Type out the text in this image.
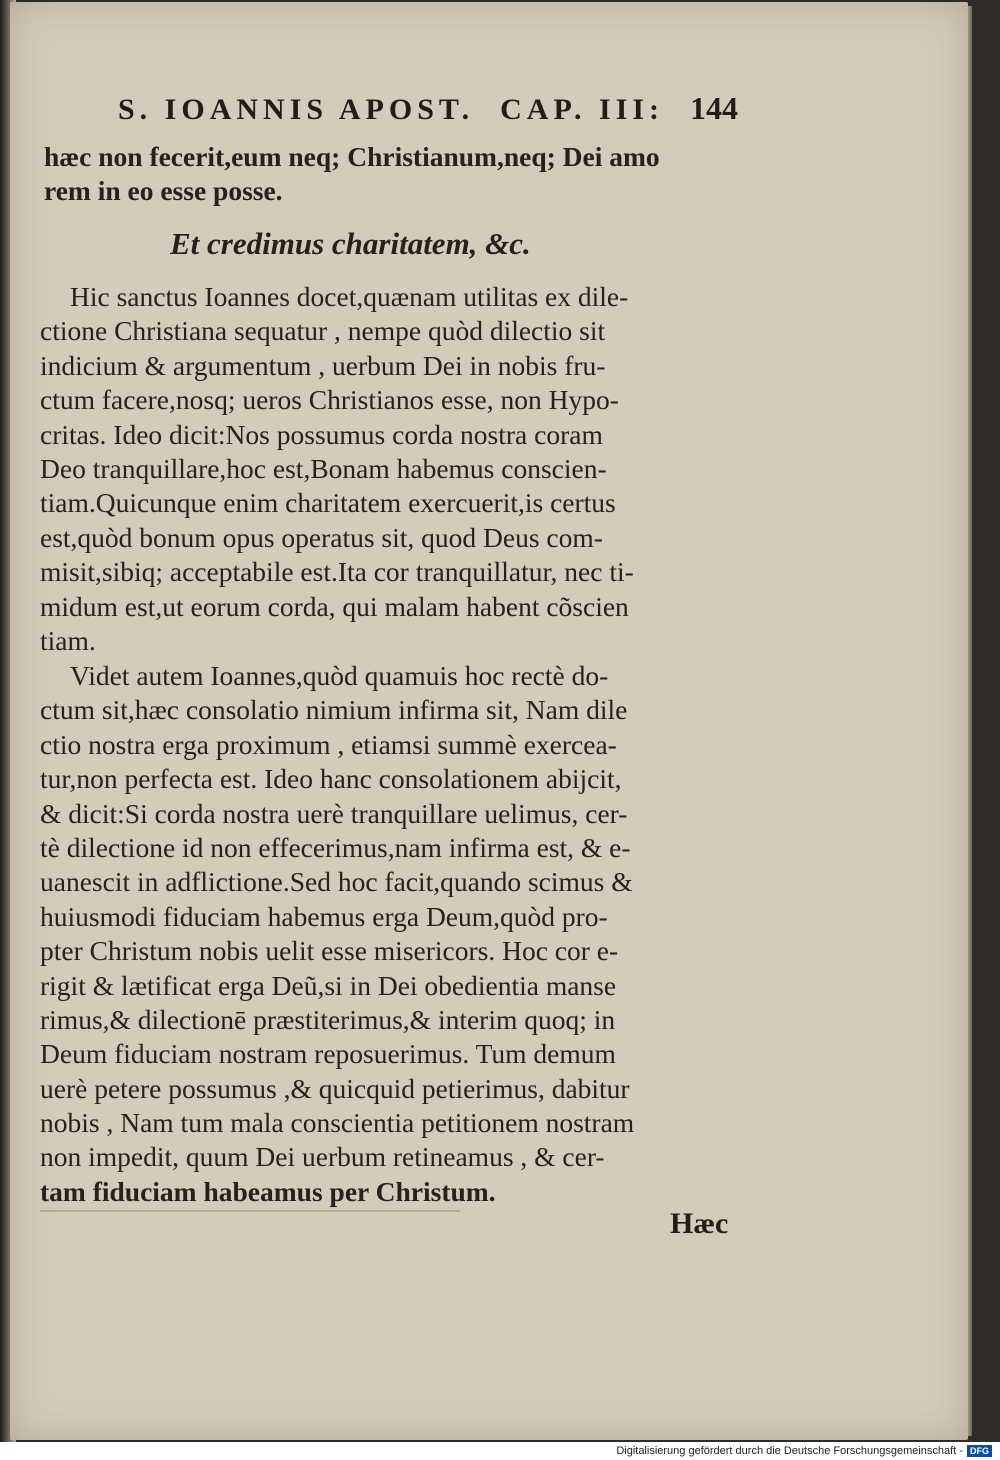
S. IOANNIS APOST. CAP. III: 144
hæc non fecerit,eum neq; Christianum,neq; Dei amo
rem in eo esse posse.
Et credimus charitatem, &c.
Hic sanctus Ioannes docet,quænam utilitas ex dile-
ctione Christiana sequatur , nempe quòd dilectio sit
indicium & argumentum , uerbum Dei in nobis fru-
ctum facere,nosq; ueros Christianos esse, non Hypo-
critas. Ideo dicit:Nos possumus corda nostra coram
Deo tranquillare,hoc est,Bonam habemus conscien-
tiam.Quicunque enim charitatem exercuerit,is certus
est,quòd bonum opus operatus sit, quod Deus com-
misit,sibiq; acceptabile est.Ita cor tranquillatur, nec ti-
midum est,ut eorum corda, qui malam habent cõscien
tiam.
Videt autem Ioannes,quòd quamuis hoc rectè do-
ctum sit,hæc consolatio nimium infirma sit, Nam dile
ctio nostra erga proximum , etiamsi summè exercea-
tur,non perfecta est. Ideo hanc consolationem abijcit,
& dicit:Si corda nostra uerè tranquillare uelimus, cer-
tè dilectione id non effecerimus,nam infirma est, & e-
uanescit in adflictione.Sed hoc facit,quando scimus &
huiusmodi fiduciam habemus erga Deum,quòd pro-
pter Christum nobis uelit esse misericors. Hoc cor e-
rigit & lætificat erga Deũ,si in Dei obedientia manse
rimus,& dilectionē præstiterimus,& interim quoq; in
Deum fiduciam nostram reposuerimus. Tum demum
uerè petere possumus ,& quicquid petierimus, dabitur
nobis , Nam tum mala conscientia petitionem nostram
non impedit, quum Dei uerbum retineamus , & cer-
tam fiduciam habeamus per Christum.
Hæc
Digitalisierung gefördert durch die Deutsche Forschungsgemeinschaft - DFG
